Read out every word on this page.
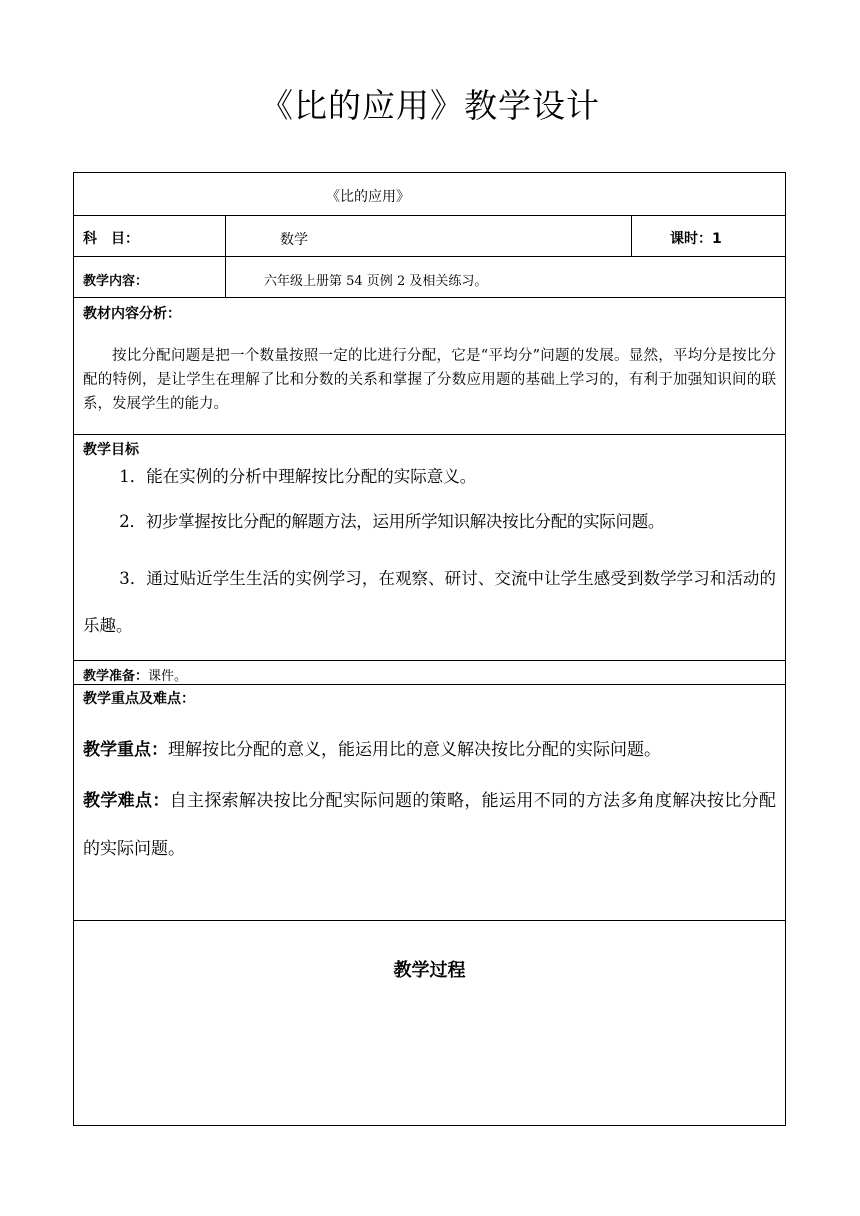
《比的应用》教学设计
《比的应用》
科　目：	数学	课时：1
教学内容：	六年级上册第 54 页例 2 及相关练习。
教材内容分析：
按比分配问题是把一个数量按照一定的比进行分配，它是“平均分”问题的发展。显然，平均分是按比分配的特例，是让学生在理解了比和分数的关系和掌握了分数应用题的基础上学习的，有利于加强知识间的联系，发展学生的能力。
教学目标
1．能在实例的分析中理解按比分配的实际意义。
2．初步掌握按比分配的解题方法，运用所学知识解决按比分配的实际问题。
3．通过贴近学生生活的实例学习，在观察、研讨、交流中让学生感受到数学学习和活动的乐趣。
教学准备：课件。
教学重点及难点：
教学重点：理解按比分配的意义，能运用比的意义解决按比分配的实际问题。
教学难点：自主探索解决按比分配实际问题的策略，能运用不同的方法多角度解决按比分配的实际问题。
教学过程
